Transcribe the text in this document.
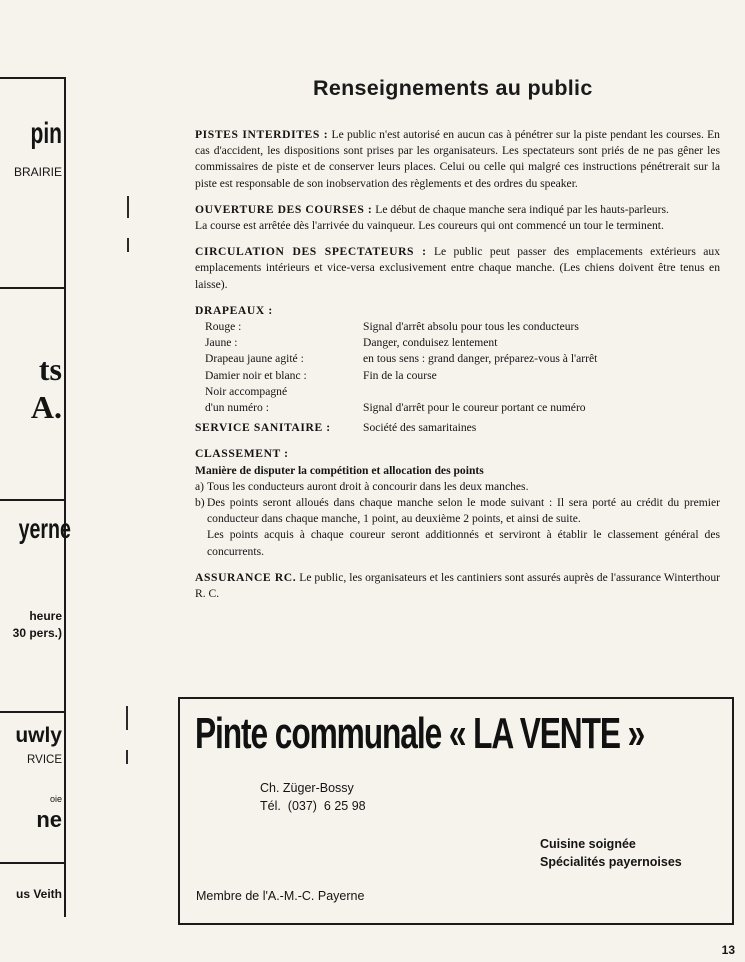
pin
BRAIRIE
ts
A.
yerne
heure
30 pers.)
uwly
RVICE
oie
ne
us Veith
Renseignements au public

PISTES INTERDITES : Le public n'est autorisé en aucun cas à pénétrer sur la piste pendant les courses. En cas d'accident, les dispositions sont prises par les organisateurs. Les spectateurs sont priés de ne pas gêner les commissaires de piste et de conserver leurs places. Celui ou celle qui malgré ces instructions pénétrerait sur la piste est responsable de son inobservation des règlements et des ordres du speaker.

OUVERTURE DES COURSES : Le début de chaque manche sera indiqué par les hauts-parleurs.

La course est arrêtée dès l'arrivée du vainqueur. Les coureurs qui ont commencé un tour le terminent.

CIRCULATION DES SPECTATEURS : Le public peut passer des emplacements extérieurs aux emplacements intérieurs et vice-versa exclusivement entre chaque manche. (Les chiens doivent être tenus en laisse).

DRAPEAUX :
Rouge :	Signal d'arrêt absolu pour tous les conducteurs
Jaune :	Danger, conduisez lentement
Drapeau jaune agité :	en tous sens : grand danger, préparez-vous à l'arrêt
Damier noir et blanc :	Fin de la course
Noir accompagné
d'un numéro :	Signal d'arrêt pour le coureur portant ce numéro
SERVICE SANITAIRE :	Société des samaritaines
CLASSEMENT :
Manière de disputer la compétition et allocation des points
a) Tous les conducteurs auront droit à concourir dans les deux manches.
b) Des points seront alloués dans chaque manche selon le mode suivant : Il sera porté au crédit du premier conducteur dans chaque manche, 1 point, au deuxième 2 points, et ainsi de suite.
Les points acquis à chaque coureur seront additionnés et serviront à établir le classement général des concurrents.

ASSURANCE RC. Le public, les organisateurs et les cantiniers sont assurés auprès de l'assurance Winterthour R. C.

Pinte communale « LA VENTE »
Ch. Züger-Bossy
Tél.  (037)  6 25 98
Cuisine soignée
Spécialités payernoises
Membre de l'A.-M.-C. Payerne
13
